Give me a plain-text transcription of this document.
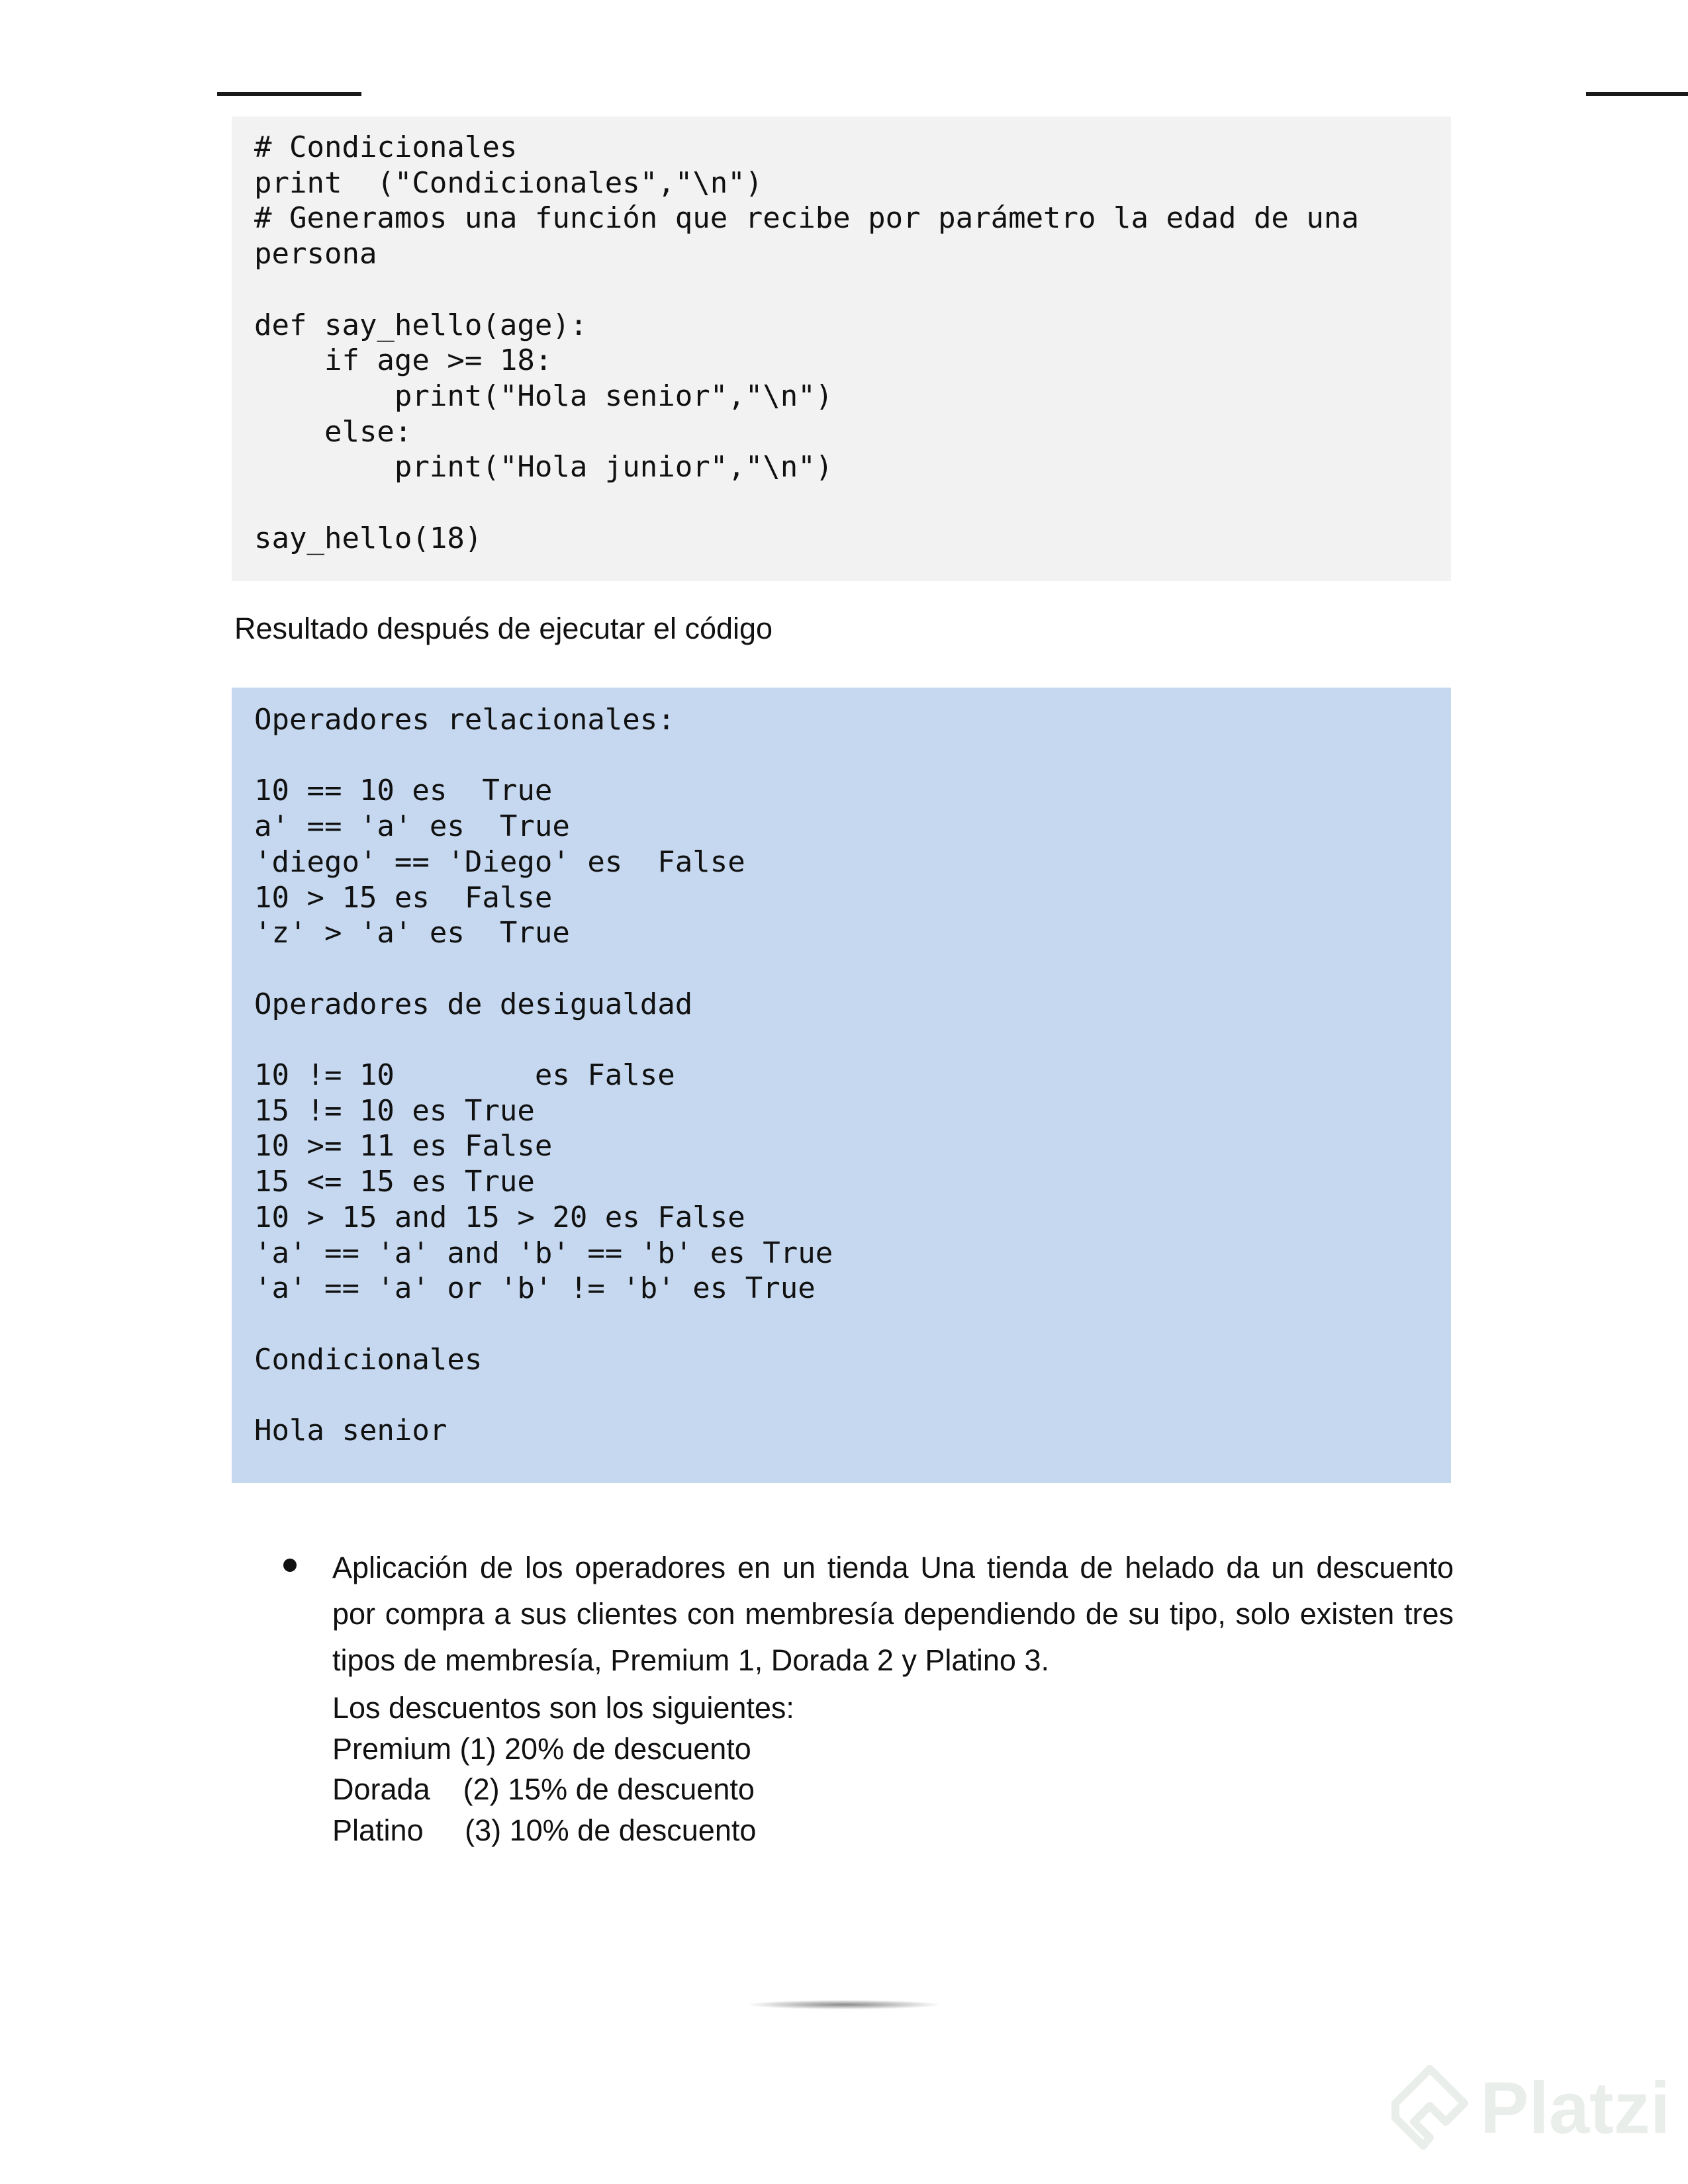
# Condicionales
print  ("Condicionales","\n")
# Generamos una función que recibe por parámetro la edad de una
persona

def say_hello(age):
if age >= 18:
print("Hola senior","\n")
else:
print("Hola junior","\n")

say_hello(18)
Resultado después de ejecutar el código
Operadores relacionales:

10 == 10 es  True
a' == 'a' es  True
'diego' == 'Diego' es  False
10 > 15 es  False
'z' > 'a' es  True

Operadores de desigualdad

10 != 10        es False
15 != 10 es True
10 >= 11 es False
15 <= 15 es True
10 > 15 and 15 > 20 es False
'a' == 'a' and 'b' == 'b' es True
'a' == 'a' or 'b' != 'b' es True

Condicionales

Hola senior
Aplicación de los operadores en un tienda Una tienda de helado da un descuento por compra a sus clientes con membresía dependiendo de su tipo, solo existen tres tipos de membresía, Premium 1, Dorada 2 y Platino 3.
Los descuentos son los siguientes:
Premium (1) 20% de descuento
Dorada    (2) 15% de descuento
Platino     (3) 10% de descuento
Platzi
